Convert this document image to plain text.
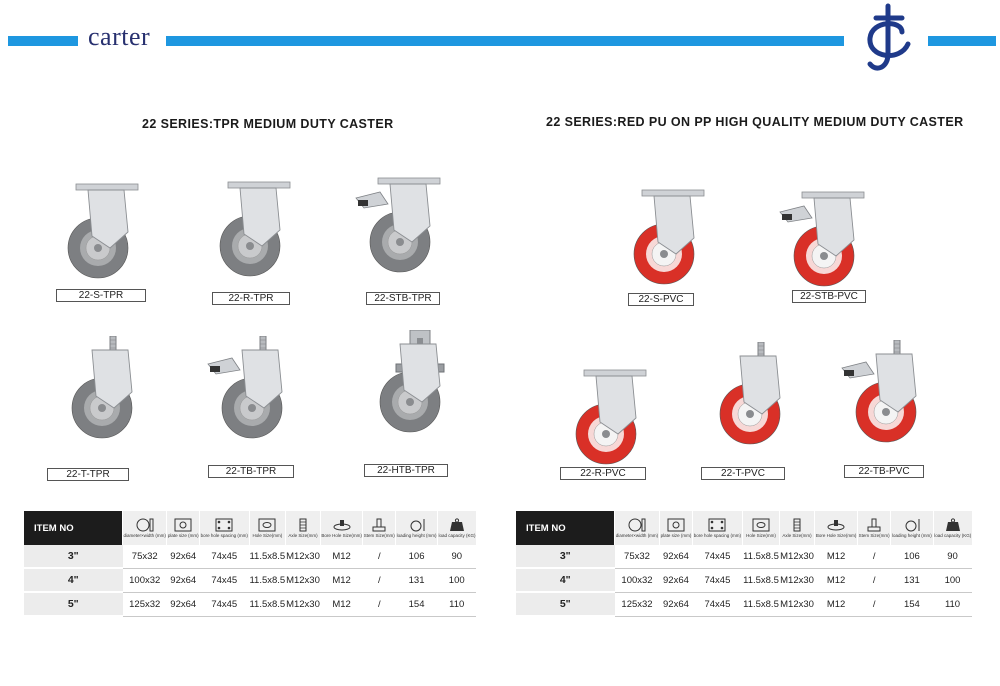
carter
22 SERIES:TPR MEDIUM DUTY CASTER	22 SERIES:RED PU ON PP HIGH QUALITY MEDIUM DUTY CASTER
22-S-TPR	22-R-TPR	22-STB-TPR
22-T-TPR	22-TB-TPR	22-HTB-TPR
22-S-PVC	22-STB-PVC
22-R-PVC	22-T-PVC	22-TB-PVC
ITEM NO	diameter×width (mm)	plate size (mm)	bore hole spacing (mm)	Hole Size(mm)	Axle Size(mm)	Bore Hole Size(mm)	Stem Size(mm)	loading height (mm)	load capacity (KG)

3"	75x32	92x64	74x45	11.5x8.5	M12x30	M12	/	106	90
4"	100x32	92x64	74x45	11.5x8.5	M12x30	M12	/	131	100
5"	125x32	92x64	74x45	11.5x8.5	M12x30	M12	/	154	110
ITEM NO	diameter×width (mm)	plate size (mm)	bore hole spacing (mm)	Hole Size(mm)	Axle Size(mm)	Bore Hole Size(mm)	Stem Size(mm)	loading height (mm)	load capacity (KG)

3"	75x32	92x64	74x45	11.5x8.5	M12x30	M12	/	106	90
4"	100x32	92x64	74x45	11.5x8.5	M12x30	M12	/	131	100
5"	125x32	92x64	74x45	11.5x8.5	M12x30	M12	/	154	110
